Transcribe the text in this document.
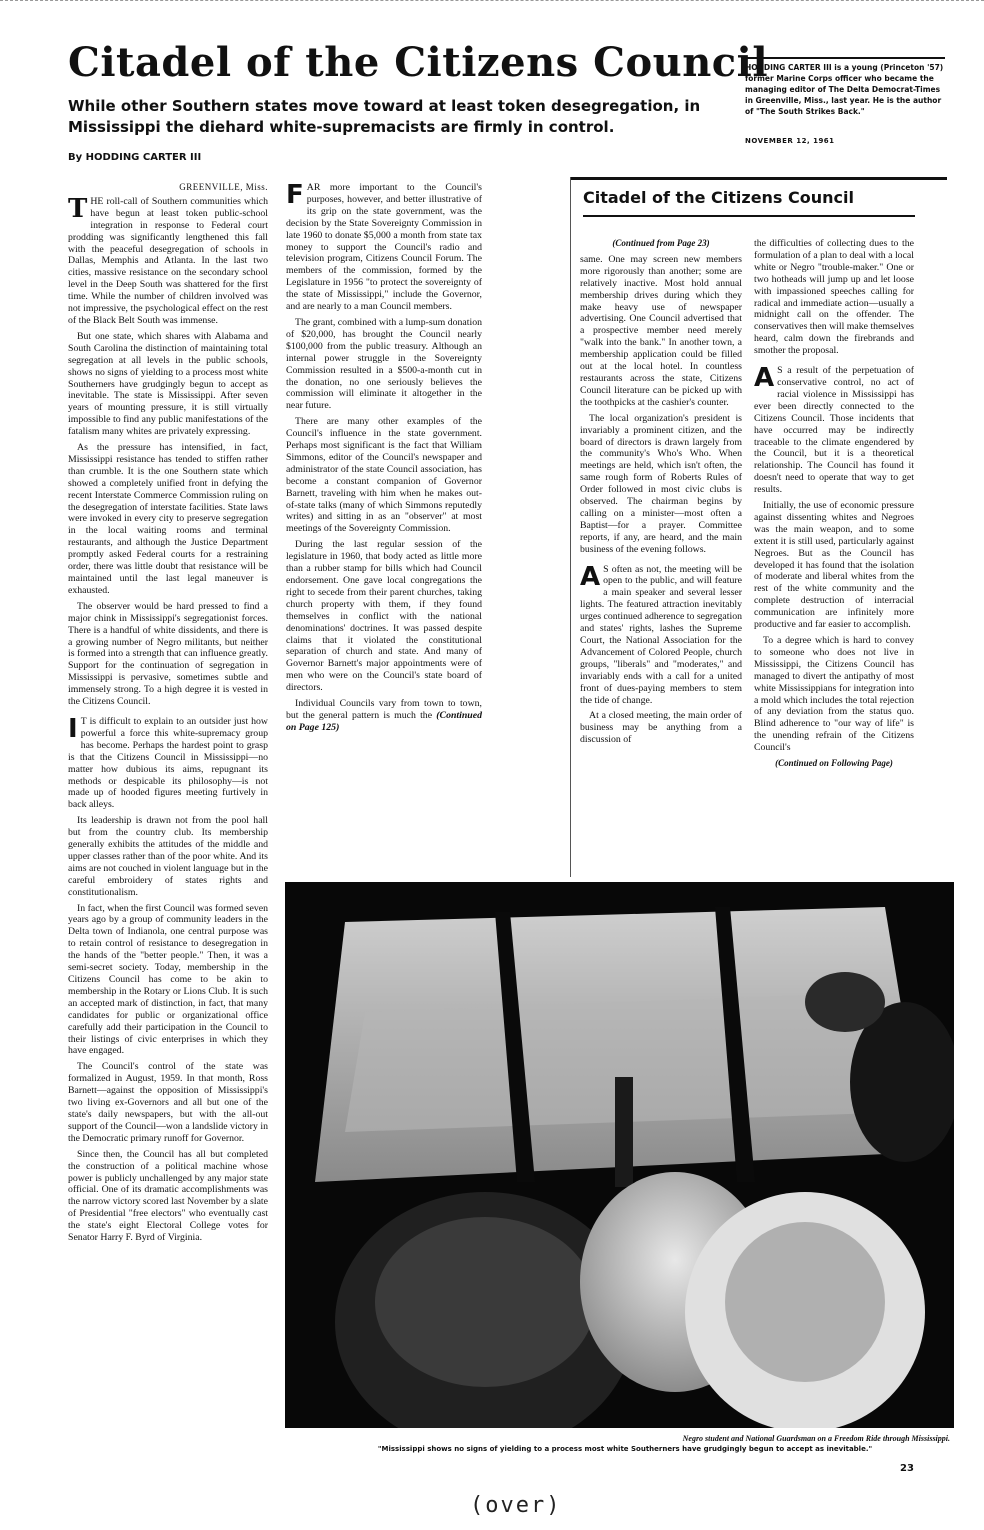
Citadel of the Citizens Council
While other Southern states move toward at least token desegregation, in Mississippi the diehard white-supremacists are firmly in control.
By HODDING CARTER III
HODDING CARTER III is a young (Princeton '57) former Marine Corps officer who became the managing editor of The Delta Democrat-Times in Greenville, Miss., last year. He is the author of "The South Strikes Back."
NOVEMBER 12, 1961
GREENVILLE, Miss.

THE roll-call of Southern communities which have begun at least token public-school integration in response to Federal court prodding was significantly lengthened this fall with the peaceful desegregation of schools in Dallas, Memphis and Atlanta. In the last two cities, massive resistance on the secondary school level in the Deep South was shattered for the first time. While the number of children involved was not impressive, the psychological effect on the rest of the Black Belt South was immense.

But one state, which shares with Alabama and South Carolina the distinction of maintaining total segregation at all levels in the public schools, shows no signs of yielding to a process most white Southerners have grudgingly begun to accept as inevitable. The state is Mississippi. After seven years of mounting pressure, it is still virtually impossible to find any public manifestations of the fatalism many whites are privately expressing.

As the pressure has intensified, in fact, Mississippi resistance has tended to stiffen rather than crumble. It is the one Southern state which showed a completely unified front in defying the recent Interstate Commerce Commission ruling on the desegregation of interstate facilities. State laws were invoked in every city to preserve segregation in the local waiting rooms and terminal restaurants, and although the Justice Department promptly asked Federal courts for a restraining order, there was little doubt that resistance will be maintained until the last legal maneuver is exhausted.

The observer would be hard pressed to find a major chink in Mississippi's segregationist forces. There is a handful of white dissidents, and there is a growing number of Negro militants, but neither is formed into a strength that can influence greatly. Support for the continuation of segregation in Mississippi is pervasive, sometimes subtle and immensely strong. To a high degree it is vested in the Citizens Council.

I T is difficult to explain to an outsider just how powerful a force this white-supremacy group has become. Perhaps the hardest point to grasp is that the Citizens Council in Mississippi—no matter how dubious its aims, repugnant its methods or despicable its philosophy—is not made up of hooded figures meeting furtively in back alleys.

Its leadership is drawn not from the pool hall but from the country club. Its membership generally exhibits the attitudes of the middle and upper classes rather than of the poor white. And its aims are not couched in violent language but in the careful embroidery of states rights and constitutionalism.

In fact, when the first Council was formed seven years ago by a group of community leaders in the Delta town of Indianola, one central purpose was to retain control of resistance to desegregation in the hands of the "better people." Then, it was a semi-secret society. Today, membership in the Citizens Council has come to be akin to membership in the Rotary or Lions Club. It is such an accepted mark of distinction, in fact, that many candidates for public or organizational office carefully add their participation in the Council to their listings of civic enterprises in which they have engaged.

The Council's control of the state was formalized in August, 1959. In that month, Ross Barnett—against the opposition of Mississippi's two living ex-Governors and all but one of the state's daily newspapers, but with the all-out support of the Council—won a landslide victory in the Democratic primary runoff for Governor.

Since then, the Council has all but completed the construction of a political machine whose power is publicly unchallenged by any major state official. One of its dramatic accomplishments was the narrow victory scored last November by a slate of Presidential "free electors" who eventually cast the state's eight Electoral College votes for Senator Harry F. Byrd of Virginia.

FAR more important to the Council's purposes, however, and better illustrative of its grip on the state government, was the decision by the State Sovereignty Commission in late 1960 to donate $5,000 a month from state tax money to support the Council's radio and television program, Citizens Council Forum. The members of the commission, formed by the Legislature in 1956 "to protect the sovereignty of the state of Mississippi," include the Governor, and are nearly to a man Council members.

The grant, combined with a lump-sum donation of $20,000, has brought the Council nearly $100,000 from the public treasury. Although an internal power struggle in the Sovereignty Commission resulted in a $500-a-month cut in the donation, no one seriously believes the commission will eliminate it altogether in the near future.

There are many other examples of the Council's influence in the state government. Perhaps most significant is the fact that William Simmons, editor of the Council's newspaper and administrator of the state Council association, has become a constant companion of Governor Barnett, traveling with him when he makes out-of-state talks (many of which Simmons reputedly writes) and sitting in as an "observer" at most meetings of the Sovereignty Commission.

During the last regular session of the legislature in 1960, that body acted as little more than a rubber stamp for bills which had Council endorsement. One gave local congregations the right to secede from their parent churches, taking church property with them, if they found themselves in conflict with the national denominations' doctrines. It was passed despite claims that it violated the constitutional separation of church and state. And many of Governor Barnett's major appointments were of men who were on the Council's state board of directors.

Individual Councils vary from town to town, but the general pattern is much the (Continued on Page 125)

Citadel of the Citizens Council
(Continued from Page 23)

same. One may screen new members more rigorously than another; some are relatively inactive. Most hold annual membership drives during which they make heavy use of newspaper advertising. One Council advertised that a prospective member need merely "walk into the bank." In another town, a membership application could be filled out at the local hotel. In countless restaurants across the state, Citizens Council literature can be picked up with the toothpicks at the cashier's counter.

The local organization's president is invariably a prominent citizen, and the board of directors is drawn largely from the community's Who's Who. When meetings are held, which isn't often, the same rough form of Roberts Rules of Order followed in most civic clubs is observed. The chairman begins by calling on a minister—most often a Baptist—for a prayer. Committee reports, if any, are heard, and the main business of the evening follows.

A S often as not, the meeting will be open to the public, and will feature a main speaker and several lesser lights. The featured attraction inevitably urges continued adherence to segregation and states' rights, lashes the Supreme Court, the National Association for the Advancement of Colored People, church groups, "liberals" and "moderates," and invariably ends with a call for a united front of dues-paying members to stem the tide of change.

At a closed meeting, the main order of business may be anything from a discussion of

the difficulties of collecting dues to the formulation of a plan to deal with a local white or Negro "trouble-maker." One or two hotheads will jump up and let loose with impassioned speeches calling for radical and immediate action—usually a midnight call on the offender. The conservatives then will make themselves heard, calm down the firebrands and smother the proposal.

A S a result of the perpetuation of conservative control, no act of racial violence in Mississippi has ever been directly connected to the Citizens Council. Those incidents that have occurred may be indirectly traceable to the climate engendered by the Council, but it is a theoretical relationship. The Council has found it doesn't need to operate that way to get results.

Initially, the use of economic pressure against dissenting whites and Negroes was the main weapon, and to some extent it is still used, particularly against Negroes. But as the Council has developed it has found that the isolation of moderate and liberal whites from the rest of the white community and the complete destruction of interracial communication are infinitely more productive and far easier to accomplish.

To a degree which is hard to convey to someone who does not live in Mississippi, the Citizens Council has managed to divert the antipathy of most white Mississippians for integration into a mold which includes the total rejection of any deviation from the status quo. Blind adherence to "our way of life" is the unending refrain of the Citizens Council's

(Continued on Following Page)
Negro student and National Guardsman on a Freedom Ride through Mississippi.
"Mississippi shows no signs of yielding to a process most white Southerners have grudgingly begun to accept as inevitable."
23
(over)
